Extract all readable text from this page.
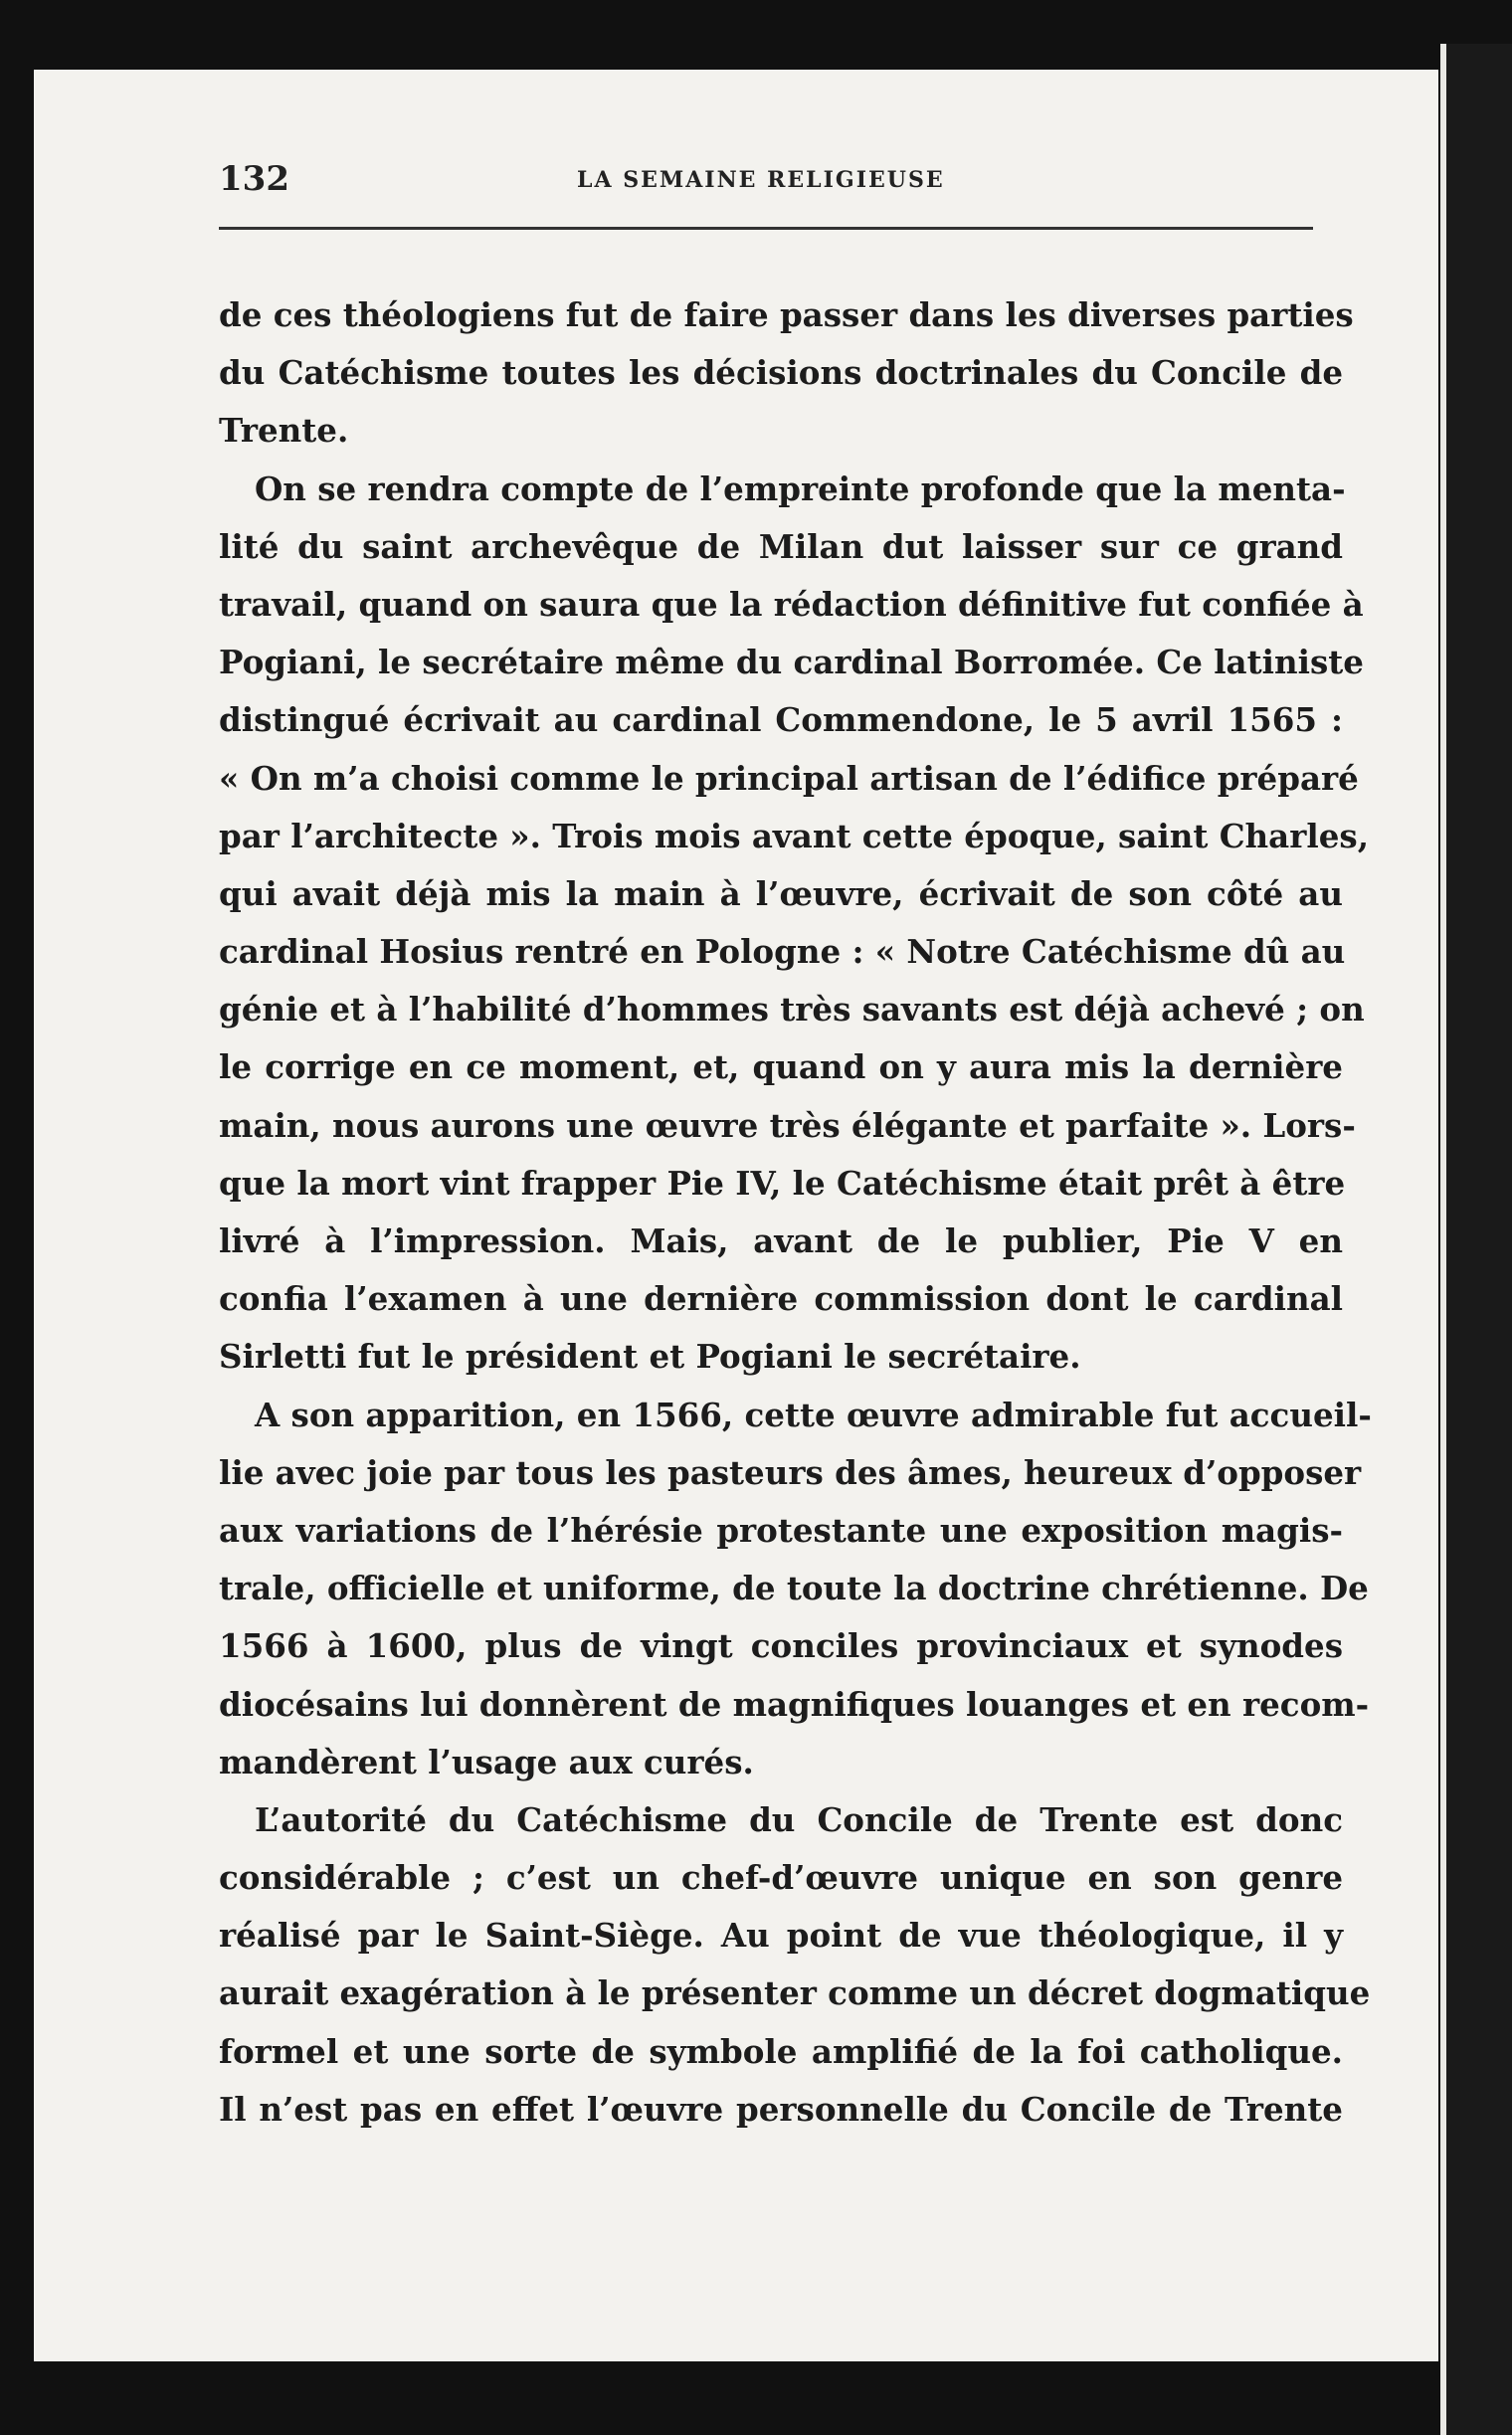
132	LA SEMAINE RELIGIEUSE
de ces théologiens fut de faire passer dans les diverses parties
du Catéchisme toutes les décisions doctrinales du Concile de
Trente.
On se rendra compte de l’empreinte profonde que la menta-
lité du saint archevêque de Milan dut laisser sur ce grand
travail, quand on saura que la rédaction définitive fut confiée à
Pogiani, le secrétaire même du cardinal Borromée. Ce latiniste
distingué écrivait au cardinal Commendone, le 5 avril 1565 :
« On m’a choisi comme le principal artisan de l’édifice préparé
par l’architecte ». Trois mois avant cette époque, saint Charles,
qui avait déjà mis la main à l’œuvre, écrivait de son côté au
cardinal Hosius rentré en Pologne : « Notre Catéchisme dû au
génie et à l’habilité d’hommes très savants est déjà achevé ; on
le corrige en ce moment, et, quand on y aura mis la dernière
main, nous aurons une œuvre très élégante et parfaite ». Lors-
que la mort vint frapper Pie IV, le Catéchisme était prêt à être
livré à l’impression. Mais, avant de le publier, Pie V en
confia l’examen à une dernière commission dont le cardinal
Sirletti fut le président et Pogiani le secrétaire.
A son apparition, en 1566, cette œuvre admirable fut accueil-
lie avec joie par tous les pasteurs des âmes, heureux d’opposer
aux variations de l’hérésie protestante une exposition magis-
trale, officielle et uniforme, de toute la doctrine chrétienne. De
1566 à 1600, plus de vingt conciles provinciaux et synodes
diocésains lui donnèrent de magnifiques louanges et en recom-
mandèrent l’usage aux curés.
L’autorité du Catéchisme du Concile de Trente est donc
considérable ; c’est un chef-d’œuvre unique en son genre
réalisé par le Saint-Siège. Au point de vue théologique, il y
aurait exagération à le présenter comme un décret dogmatique
formel et une sorte de symbole amplifié de la foi catholique.
Il n’est pas en effet l’œuvre personnelle du Concile de Trente
